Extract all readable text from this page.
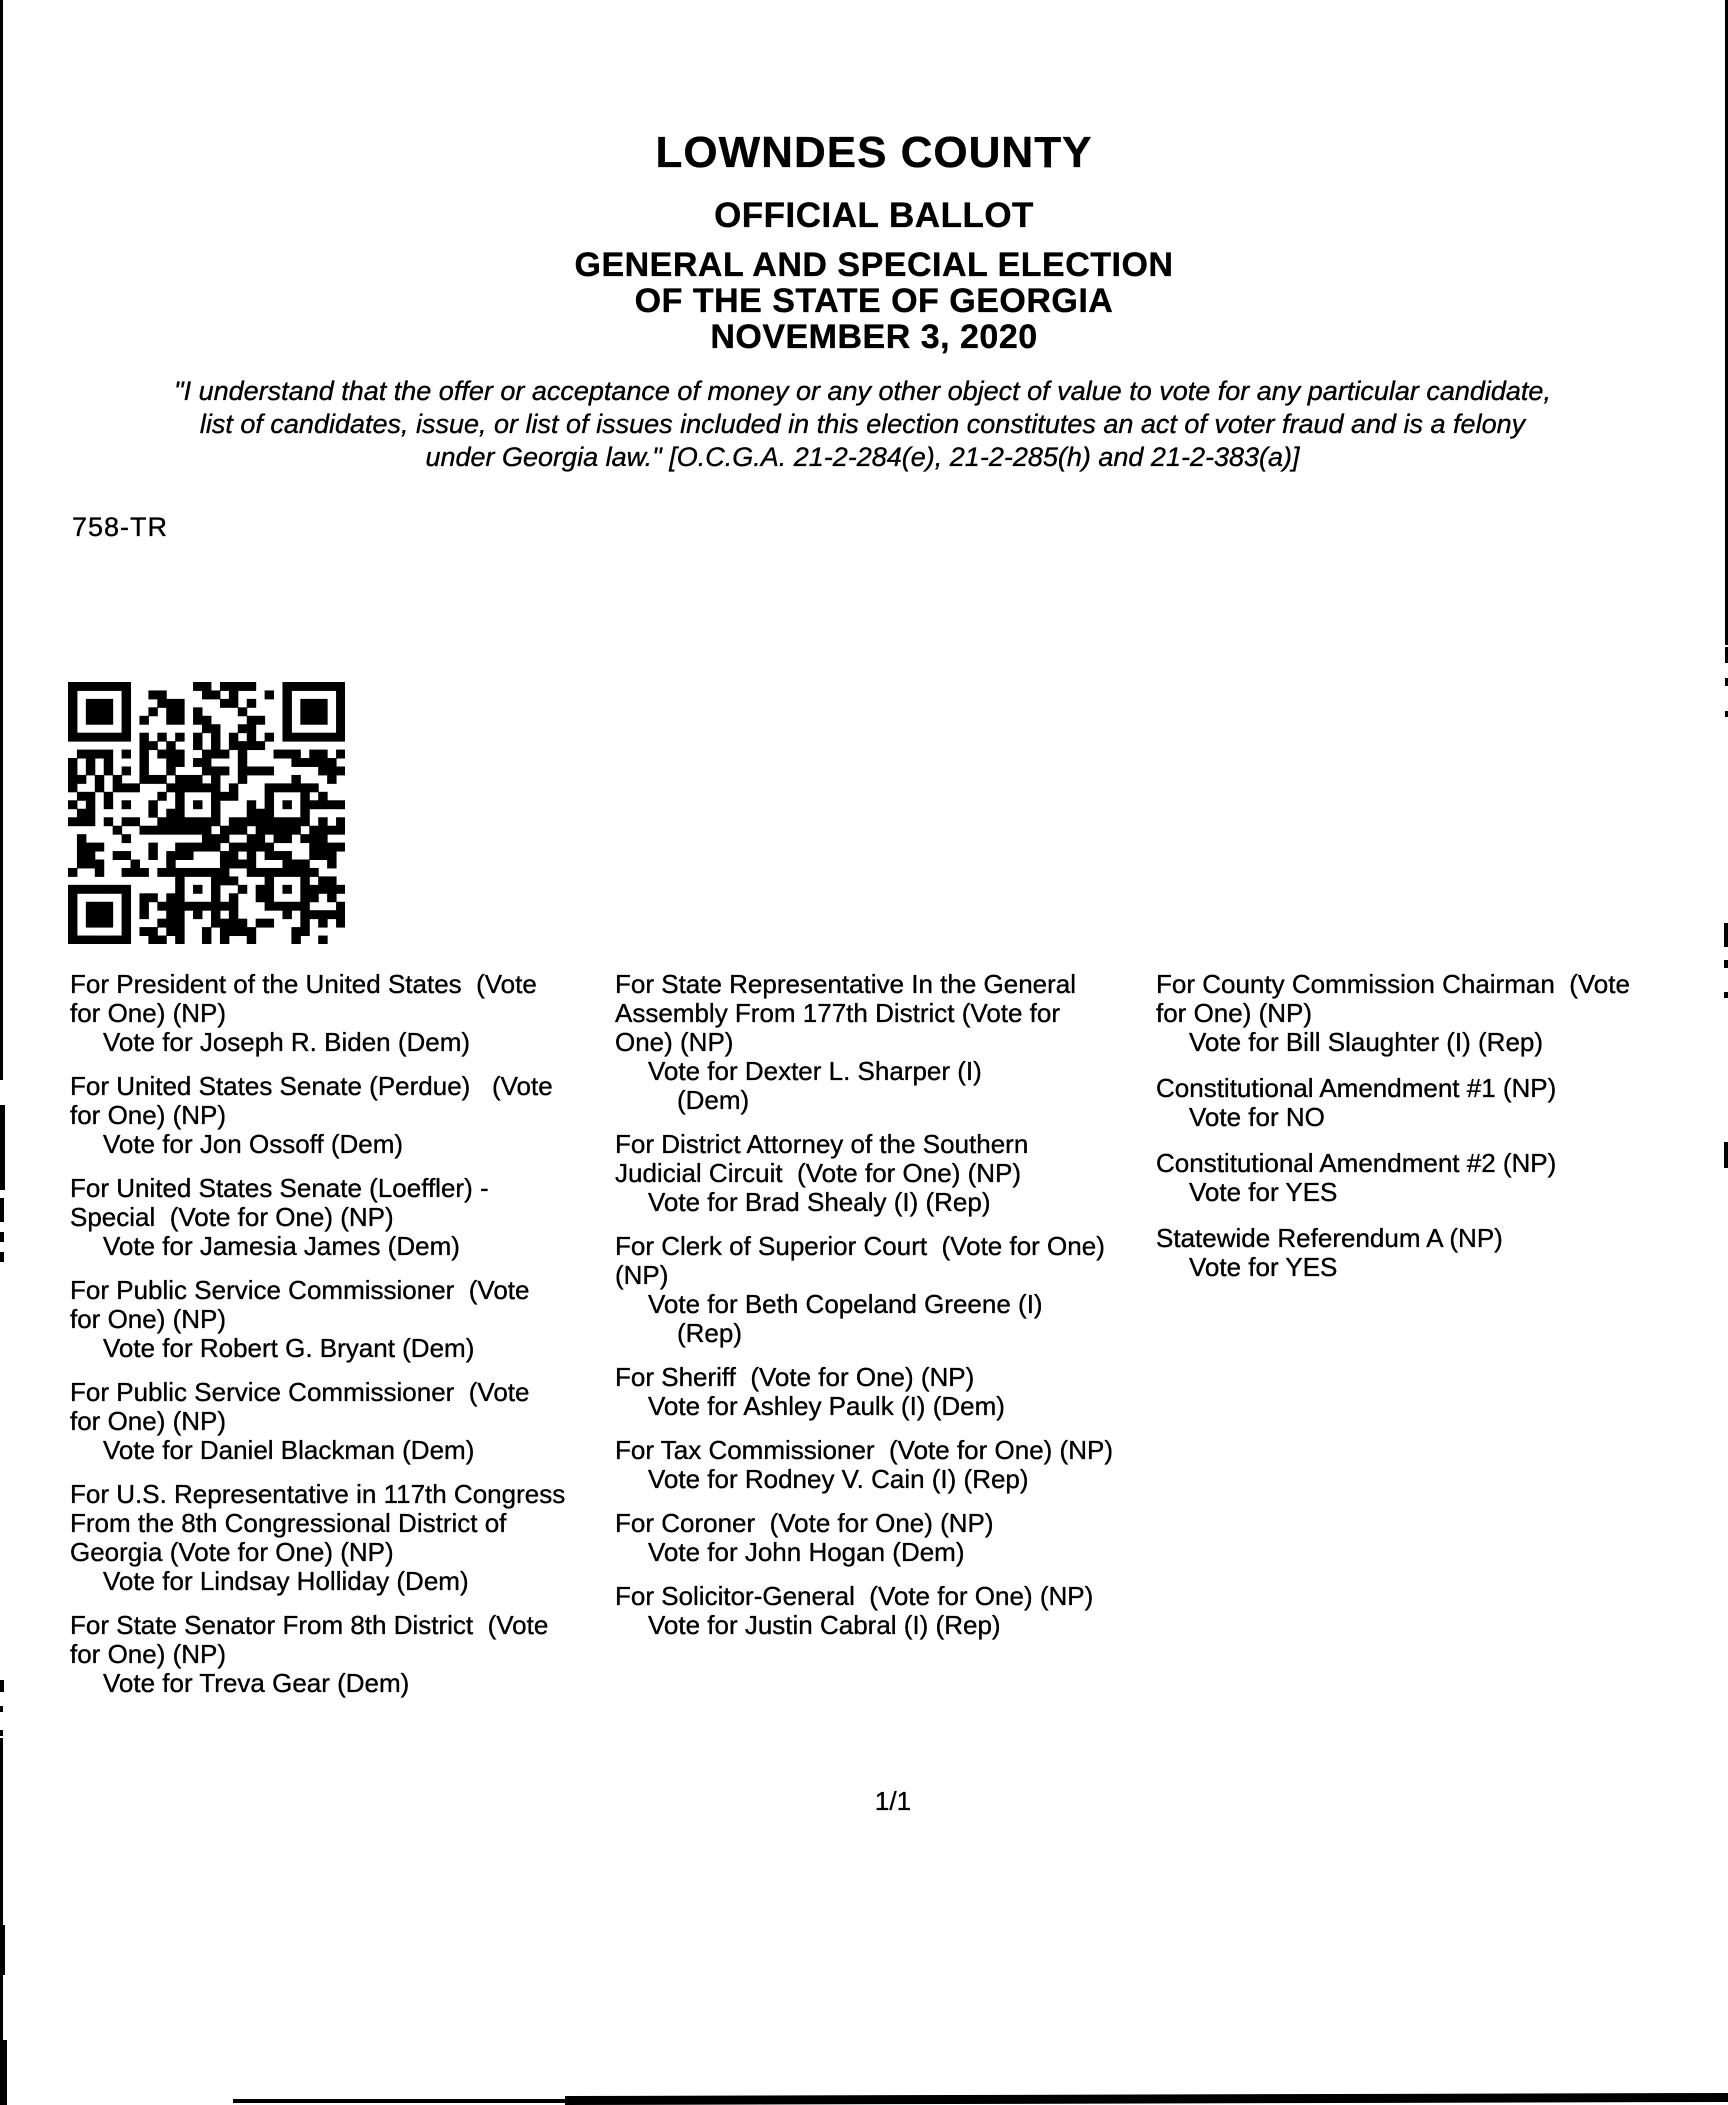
LOWNDES COUNTY
OFFICIAL BALLOT
GENERAL AND SPECIAL ELECTION
OF THE STATE OF GEORGIA
NOVEMBER 3, 2020
"I understand that the offer or acceptance of money or any other object of value to vote for any particular candidate,
list of candidates, issue, or list of issues included in this election constitutes an act of voter fraud and is a felony
under Georgia law." [O.C.G.A. 21-2-284(e), 21-2-285(h) and 21-2-383(a)]
758-TR
For President of the United States  (Vote
for One) (NP)
Vote for Joseph R. Biden (Dem)
For United States Senate (Perdue)   (Vote
for One) (NP)
Vote for Jon Ossoff (Dem)
For United States Senate (Loeffler) -
Special  (Vote for One) (NP)
Vote for Jamesia James (Dem)
For Public Service Commissioner  (Vote
for One) (NP)
Vote for Robert G. Bryant (Dem)
For Public Service Commissioner  (Vote
for One) (NP)
Vote for Daniel Blackman (Dem)
For U.S. Representative in 117th Congress
From the 8th Congressional District of
Georgia (Vote for One) (NP)
Vote for Lindsay Holliday (Dem)
For State Senator From 8th District  (Vote
for One) (NP)
Vote for Treva Gear (Dem)
For State Representative In the General
Assembly From 177th District (Vote for
One) (NP)
Vote for Dexter L. Sharper (I)
(Dem)
For District Attorney of the Southern
Judicial Circuit  (Vote for One) (NP)
Vote for Brad Shealy (I) (Rep)
For Clerk of Superior Court  (Vote for One)
(NP)
Vote for Beth Copeland Greene (I)
(Rep)
For Sheriff  (Vote for One) (NP)
Vote for Ashley Paulk (I) (Dem)
For Tax Commissioner  (Vote for One) (NP)
Vote for Rodney V. Cain (I) (Rep)
For Coroner  (Vote for One) (NP)
Vote for John Hogan (Dem)
For Solicitor-General  (Vote for One) (NP)
Vote for Justin Cabral (I) (Rep)
For County Commission Chairman  (Vote
for One) (NP)
Vote for Bill Slaughter (I) (Rep)
Constitutional Amendment #1 (NP)
Vote for NO
Constitutional Amendment #2 (NP)
Vote for YES
Statewide Referendum A (NP)
Vote for YES
1/1
